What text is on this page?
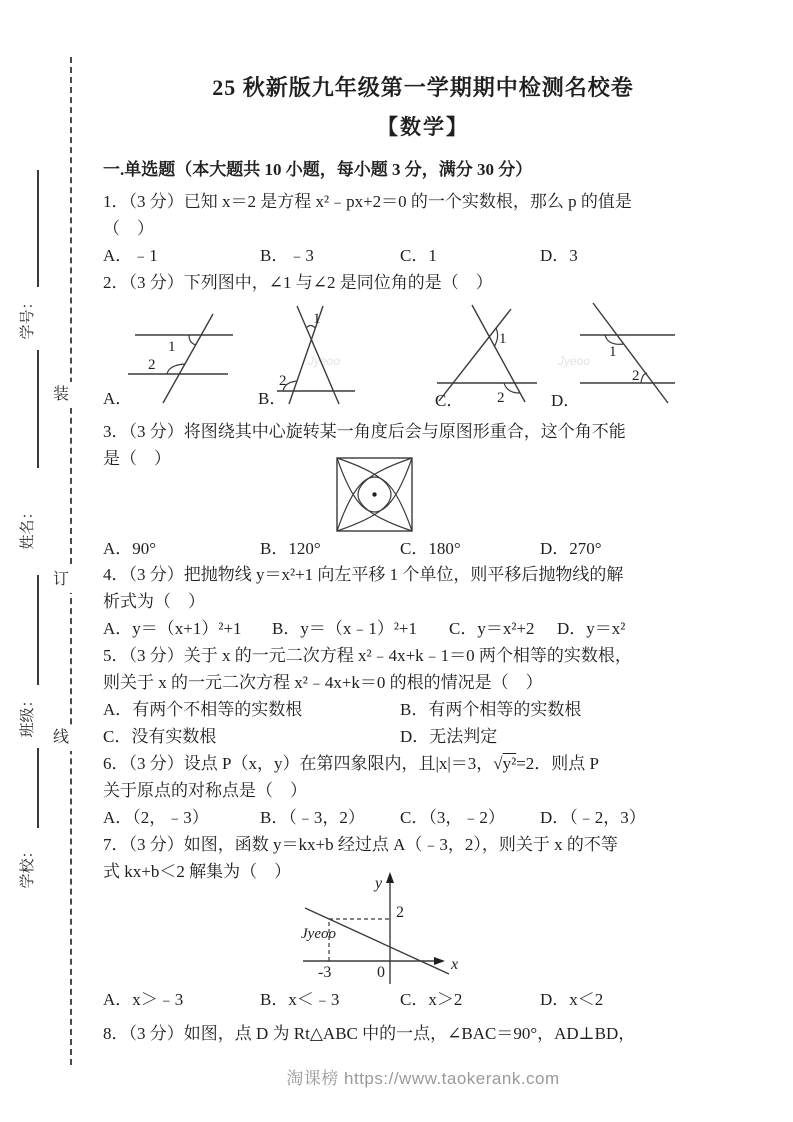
装
订
线
学号：
姓名：
班级：
学校：
25 秋新版九年级第一学期期中检测名校卷
【数学】
一.单选题（本大题共 10 小题，每小题 3 分，满分 30 分）
1．（3 分）已知 x＝2 是方程 x²﹣px+2＝0 的一个实数根，那么 p 的值是
（　）
A．﹣1	B．﹣3	C．1	D．3
2．（3 分）下列图中，∠1 与∠2 是同位角的是（　）
Jyeoo	Jyeoo
A．
1
2
B．
1
2
C．
1
2	D．
1
2
3．（3 分）将图绕其中心旋转某一角度后会与原图形重合，这个角不能
是（　）
A．90°	B．120°	C．180°	D．270°
4．（3 分）把抛物线 y＝x²+1 向左平移 1 个单位，则平移后抛物线的解
析式为（　）
A．y＝（x+1）²+1	B．y＝（x﹣1）²+1	C．y＝x²+2	D．y＝x²
5．（3 分）关于 x 的一元二次方程 x²﹣4x+k﹣1＝0 两个相等的实数根，
则关于 x 的一元二次方程 x²﹣4x+k＝0 的根的情况是（　）
A．有两个不相等的实数根	B．有两个相等的实数根
C．没有实数根	D．无法判定
6．（3 分）设点 P（x，y）在第四象限内，且|x|＝3，√y²=2．则点 P
关于原点的对称点是（　）
A．（2，﹣3）	B．（﹣3，2）	C．（3，﹣2）	D．（﹣2，3）
7．（3 分）如图，函数 y＝kx+b 经过点 A（﹣3，2），则关于 x 的不等
式 kx+b＜2 解集为（　）
Jyeoo
y
x
2
-3	0
A．x＞﹣3	B．x＜﹣3	C．x＞2	D．x＜2
8．（3 分）如图，点 D 为 Rt△ABC 中的一点，∠BAC＝90°，AD⊥BD，
淘课榜 https://www.taokerank.com
